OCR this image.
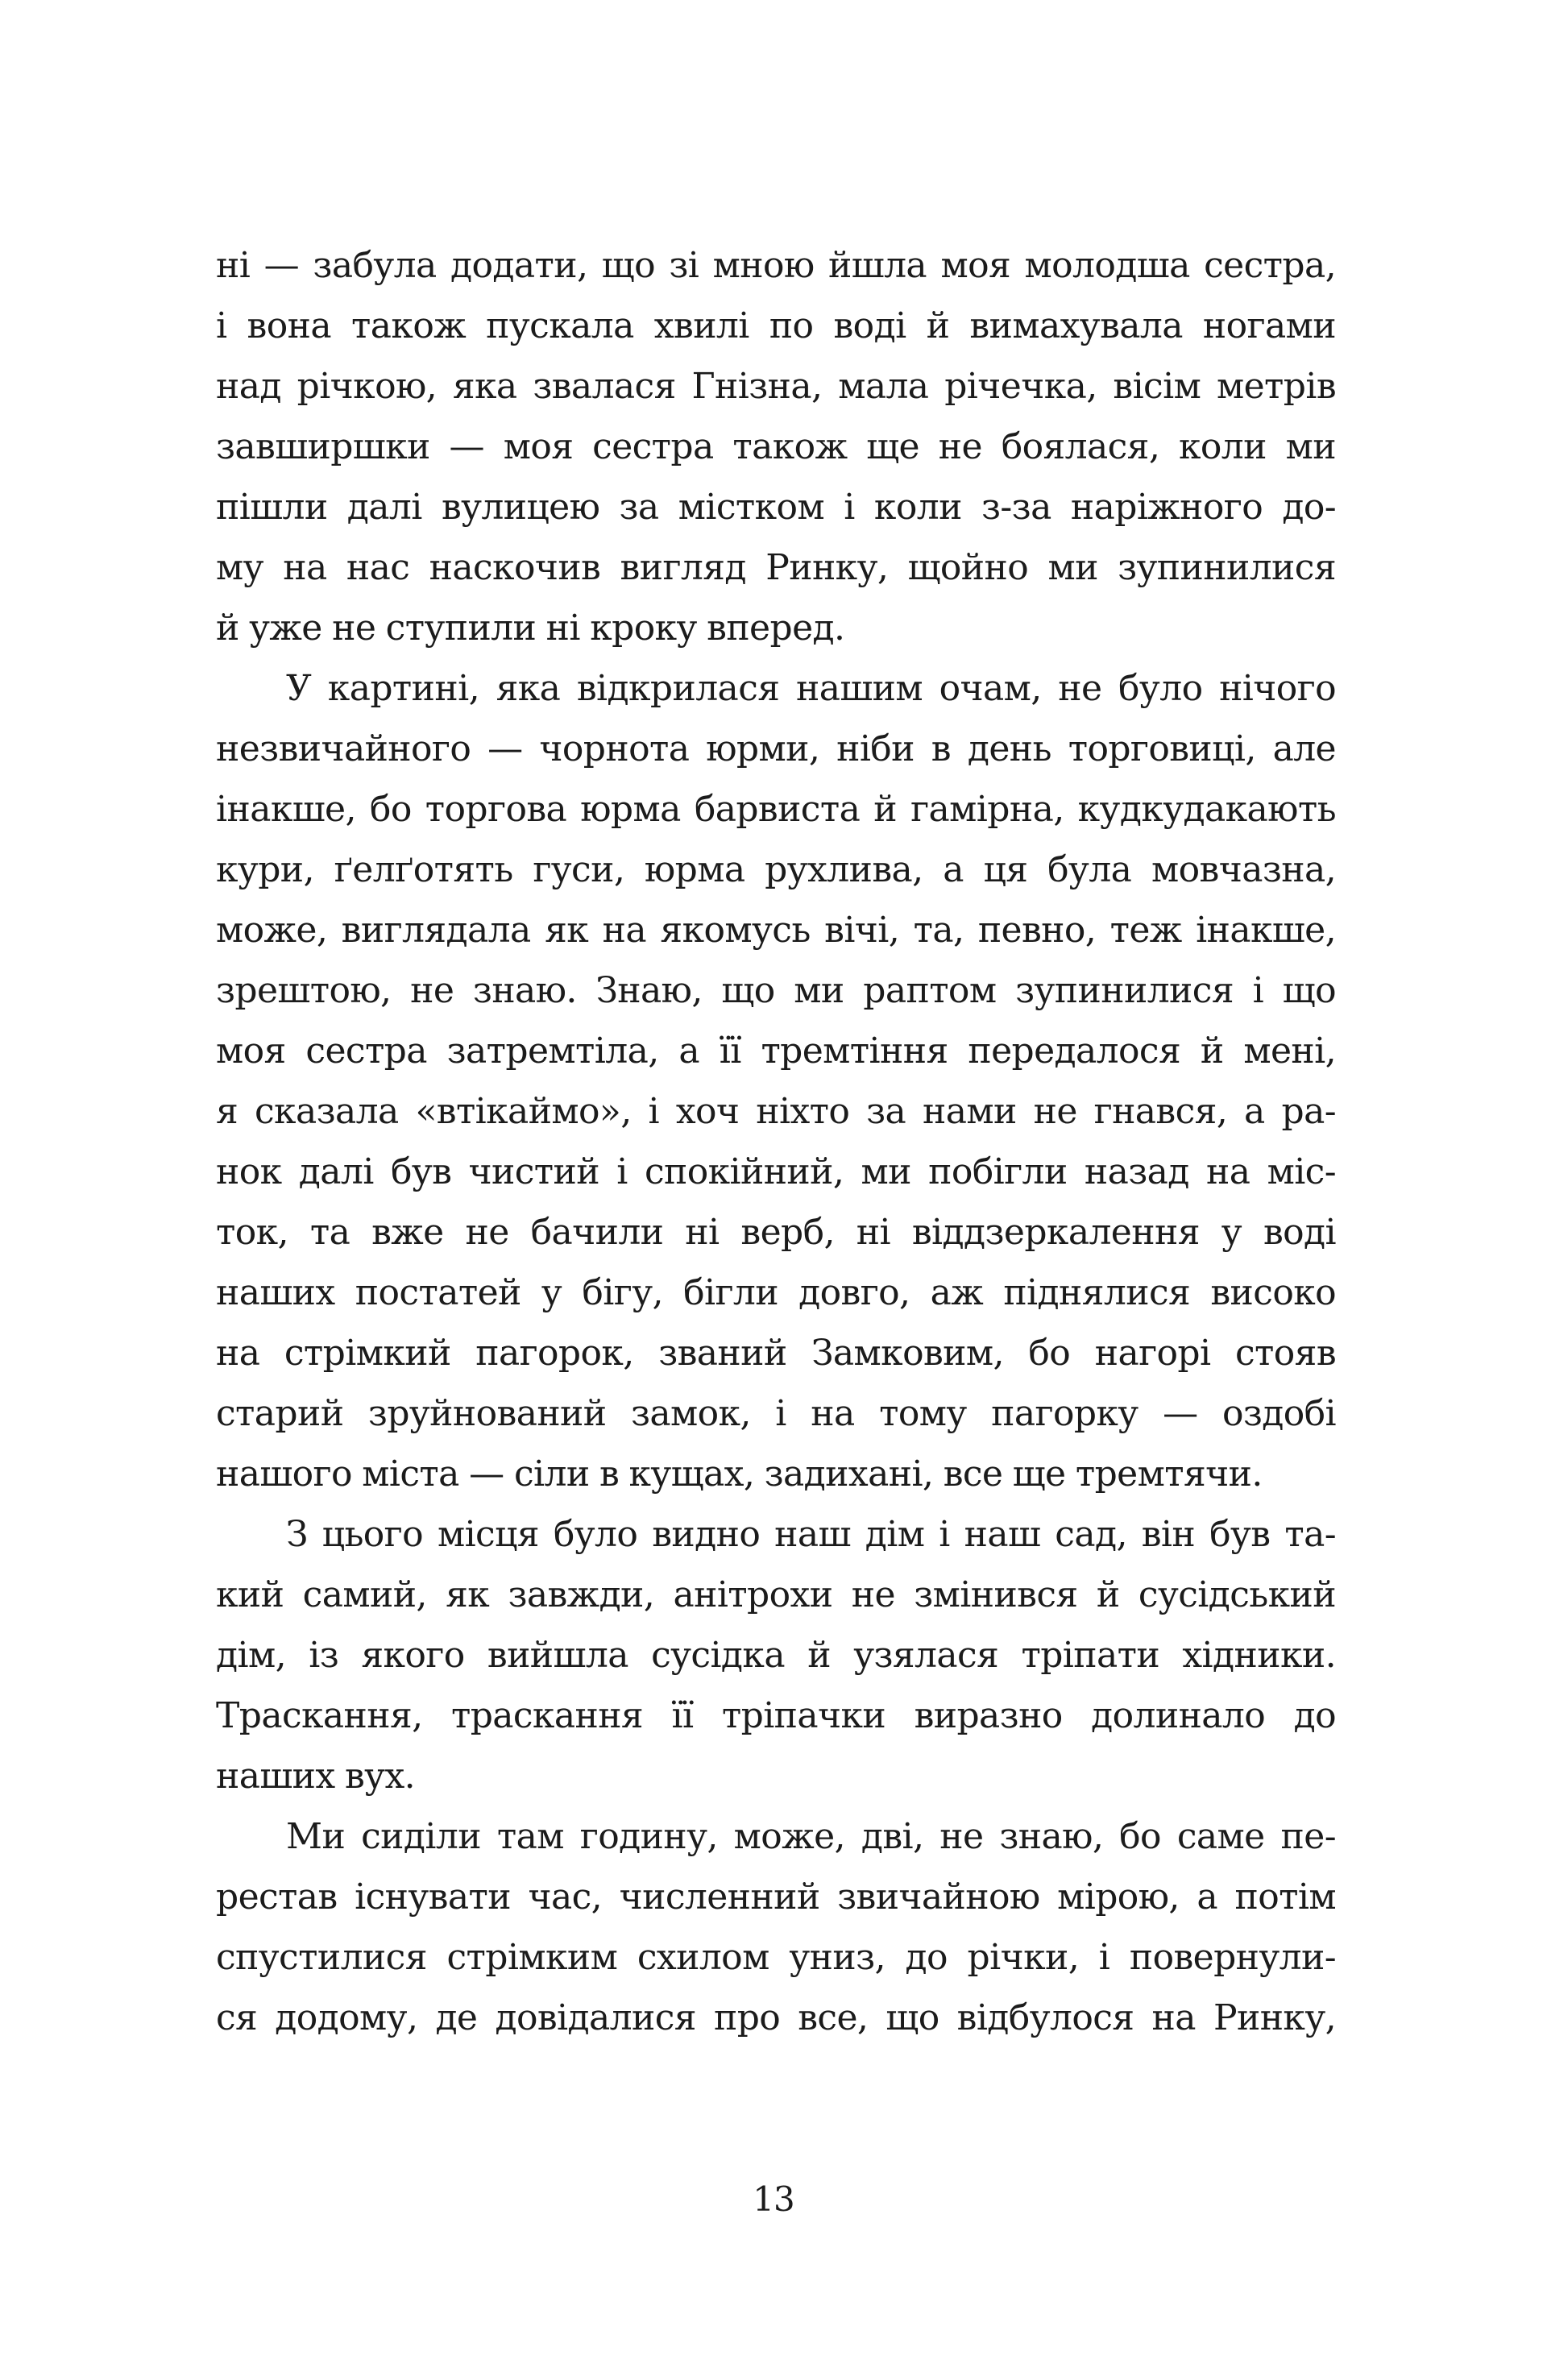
ні — забула додати, що зі мною йшла моя молодша сестра,
і вона також пускала хвилі по воді й вимахувала ногами
над річкою, яка звалася Гнізна, мала річечка, вісім метрів
завширшки — моя сестра також ще не боялася, коли ми
пішли далі вулицею за містком і коли з-за наріжного до-
му на нас наскочив вигляд Ринку, щойно ми зупинилися
й уже не ступили ні кроку вперед.
У картині, яка відкрилася нашим очам, не було нічого
незвичайного — чорнота юрми, ніби в день торговиці, але
інакше, бо торгова юрма барвиста й гамірна, кудкудакають
кури, ґелґотять гуси, юрма рухлива, а ця була мовчазна,
може, виглядала як на якомусь вічі, та, певно, теж інакше,
зрештою, не знаю. Знаю, що ми раптом зупинилися і що
моя сестра затремтіла, а її тремтіння передалося й мені,
я сказала «втікаймо», і хоч ніхто за нами не гнався, а ра-
нок далі був чистий і спокійний, ми побігли назад на міс-
ток, та вже не бачили ні верб, ні віддзеркалення у воді
наших постатей у бігу, бігли довго, аж піднялися високо
на стрімкий пагорок, званий Замковим, бо нагорі стояв
старий зруйнований замок, і на тому пагорку — оздобі
нашого міста — сіли в кущах, задихані, все ще тремтячи.
З цього місця було видно наш дім і наш сад, він був та-
кий самий, як завжди, анітрохи не змінився й сусідський
дім, із якого вийшла сусідка й узялася тріпати хідники.
Траскання, траскання її тріпачки виразно долинало до
наших вух.
Ми сиділи там годину, може, дві, не знаю, бо саме пе-
рестав існувати час, численний звичайною мірою, а потім
спустилися стрімким схилом униз, до річки, і повернули-
ся додому, де довідалися про все, що відбулося на Ринку,
13
